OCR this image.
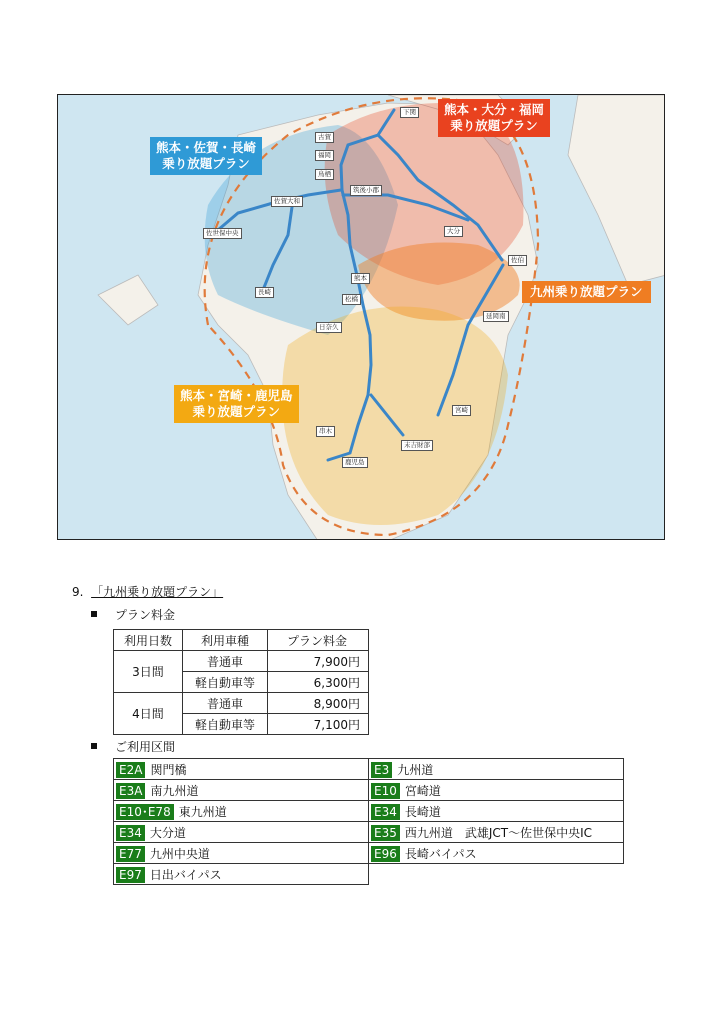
熊本・佐賀・長崎
乗り放題プラン
熊本・大分・福岡
乗り放題プラン
九州乗り放題プラン
熊本・宮崎・鹿児島
乗り放題プラン
下関
古賀
福岡
鳥栖
佐賀大和
筑後小郡
佐世保中央	大分
佐伯
熊本
長崎
松橋
日奈久
延岡南
宮崎
串木
末吉財部
鹿児島
9. 「九州乗り放題プラン」
プラン料金
利用日数	利用車種	プラン料金
3日間	普通車	7,900円
	軽自動車等	6,300円
4日間	普通車	8,900円
	軽自動車等	7,100円
ご利用区間
E2A 関門橋	E3 九州道
E3A 南九州道	E10 宮崎道
E10･E78 東九州道	E34 長崎道
E34 大分道	E35 西九州道　武雄JCT～佐世保中央IC
E77 九州中央道	E96 長崎バイパス
E97 日出バイパス	
